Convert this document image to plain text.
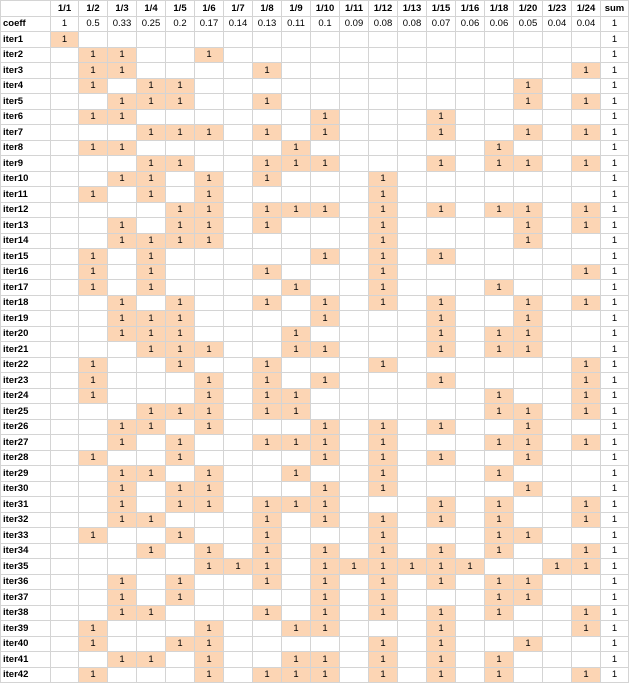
	1/1	1/2	1/3	1/4	1/5	1/6	1/7	1/8	1/9	1/10	1/11	1/12	1/13	1/15	1/16	1/18	1/20	1/23	1/24	sum
coeff	1	0.5	0.33	0.25	0.2	0.17	0.14	0.13	0.11	0.1	0.09	0.08	0.08	0.07	0.06	0.06	0.05	0.04	0.04	1
iter1	1																			1
iter2		1	1			1														1
iter3		1	1					1											1	1
iter4		1		1	1												1			1
iter5			1	1	1			1									1		1	1
iter6		1	1							1				1						1
iter7				1	1	1		1		1				1			1		1	1
iter8		1	1						1							1				1
iter9				1	1			1	1	1				1		1	1		1	1
iter10			1	1		1		1				1								1
iter11		1		1		1						1								1
iter12					1	1		1	1	1		1		1		1	1		1	1
iter13			1		1	1		1				1					1		1	1
iter14			1	1	1	1						1					1			1
iter15		1		1						1		1		1						1
iter16		1		1				1				1							1	1
iter17		1		1					1			1				1				1
iter18			1		1			1		1		1		1			1		1	1
iter19			1	1	1					1				1			1			1
iter20			1	1	1				1					1		1	1			1
iter21				1	1	1			1	1				1		1	1			1
iter22		1			1			1				1							1	1
iter23		1				1		1		1				1					1	1
iter24		1				1		1	1							1			1	1
iter25				1	1	1		1	1							1	1		1	1
iter26			1	1		1				1		1		1			1			1
iter27			1		1			1	1	1		1				1	1		1	1
iter28		1			1					1		1		1			1			1
iter29			1	1		1			1			1				1				1
iter30			1		1	1				1		1					1			1
iter31			1		1	1		1	1	1				1		1			1	1
iter32			1	1				1		1		1		1		1			1	1
iter33		1			1			1				1				1	1			1
iter34				1		1		1		1		1		1		1			1	1
iter35						1	1	1		1	1	1	1	1	1			1	1	1
iter36			1		1			1		1		1		1		1	1			1
iter37			1		1					1		1				1	1			1
iter38			1	1				1		1		1		1		1			1	1
iter39		1				1			1	1				1					1	1
iter40		1			1	1						1		1			1			1
iter41			1	1		1			1	1		1		1		1				1
iter42		1				1		1	1	1		1		1		1			1	1
